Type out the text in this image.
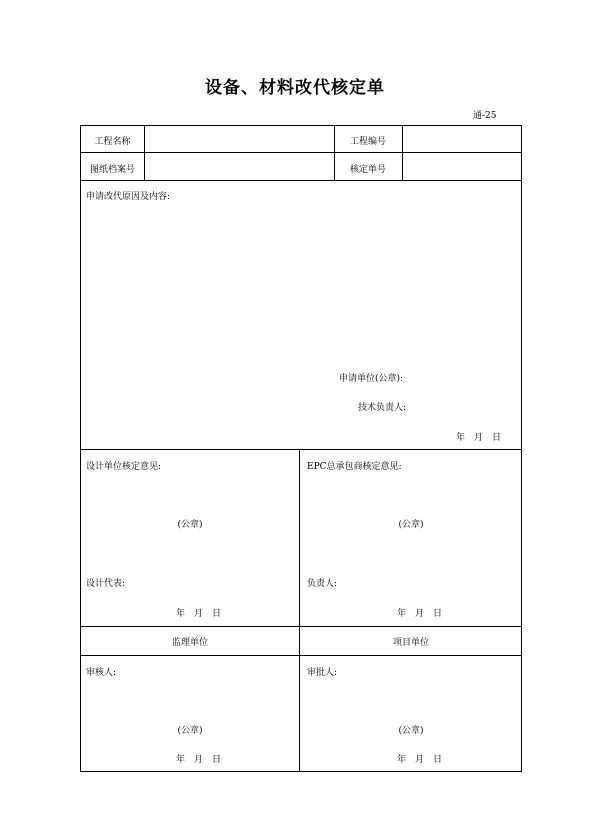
设备、材料改代核定单
通-25
工程名称	工程编号
图纸档案号	核定单号
申请改代原因及内容:
申请单位(公章):
技术负责人:
年　月　日
设计单位核定意见:
(公章)
设计代表:
年　月　日
EPC总承包商核定意见:
(公章)
负责人:
年　月　日
监理单位	项目单位
审核人:
(公章)
年　月　日
审批人:
(公章)
年　月　日
